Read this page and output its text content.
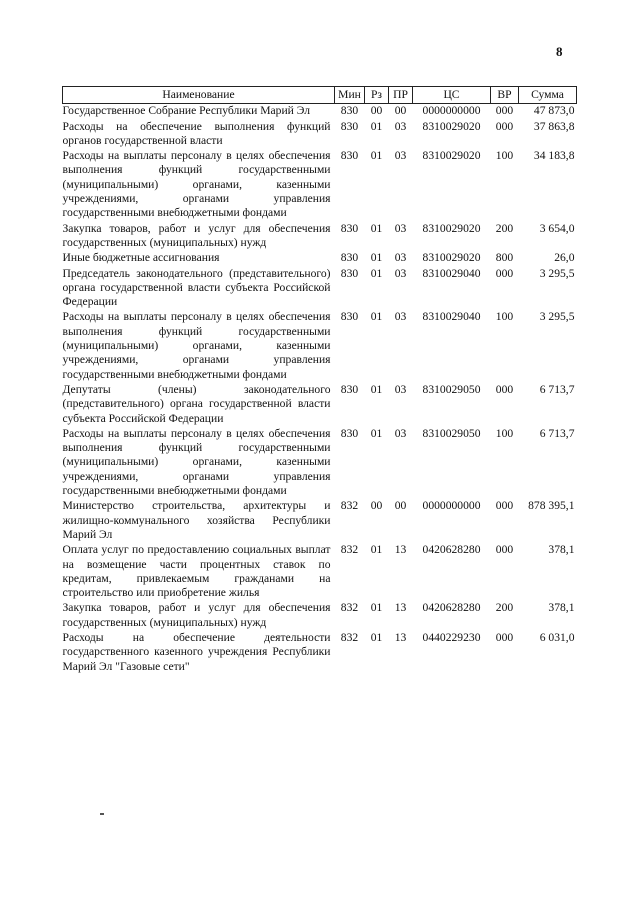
8
Наименование	Мин	Рз	ПР	ЦС	ВР	Сумма
Государственное Собрание Республики Марий Эл	830	00	00	0000000000	000	47 873,0
Расходы на обеспечение выполнения функций органов государственной власти	830	01	03	8310029020	000	37 863,8
Расходы на выплаты персоналу в целях обеспечения выполнения функций государственными (муниципальными) органами, казенными учреждениями, органами управления государственными внебюджетными фондами	830	01	03	8310029020	100	34 183,8
Закупка товаров, работ и услуг для обеспечения государственных (муниципальных) нужд	830	01	03	8310029020	200	3 654,0
Иные бюджетные ассигнования	830	01	03	8310029020	800	26,0
Председатель законодательного (представительного) органа государственной власти субъекта Российской Федерации	830	01	03	8310029040	000	3 295,5
Расходы на выплаты персоналу в целях обеспечения выполнения функций государственными (муниципальными) органами, казенными учреждениями, органами управления государственными внебюджетными фондами	830	01	03	8310029040	100	3 295,5
Депутаты (члены) законодательного (представительного) органа государственной власти субъекта Российской Федерации	830	01	03	8310029050	000	6 713,7
Расходы на выплаты персоналу в целях обеспечения выполнения функций государственными (муниципальными) органами, казенными учреждениями, органами управления государственными внебюджетными фондами	830	01	03	8310029050	100	6 713,7
Министерство строительства, архитектуры и жилищно-коммунального хозяйства Республики Марий Эл	832	00	00	0000000000	000	878 395,1
Оплата услуг по предоставлению социальных выплат на возмещение части процентных ставок по кредитам, привлекаемым гражданами на строительство или приобретение жилья	832	01	13	0420628280	000	378,1
Закупка товаров, работ и услуг для обеспечения государственных (муниципальных) нужд	832	01	13	0420628280	200	378,1
Расходы на обеспечение деятельности государственного казенного учреждения Республики Марий Эл "Газовые сети"	832	01	13	0440229230	000	6 031,0
